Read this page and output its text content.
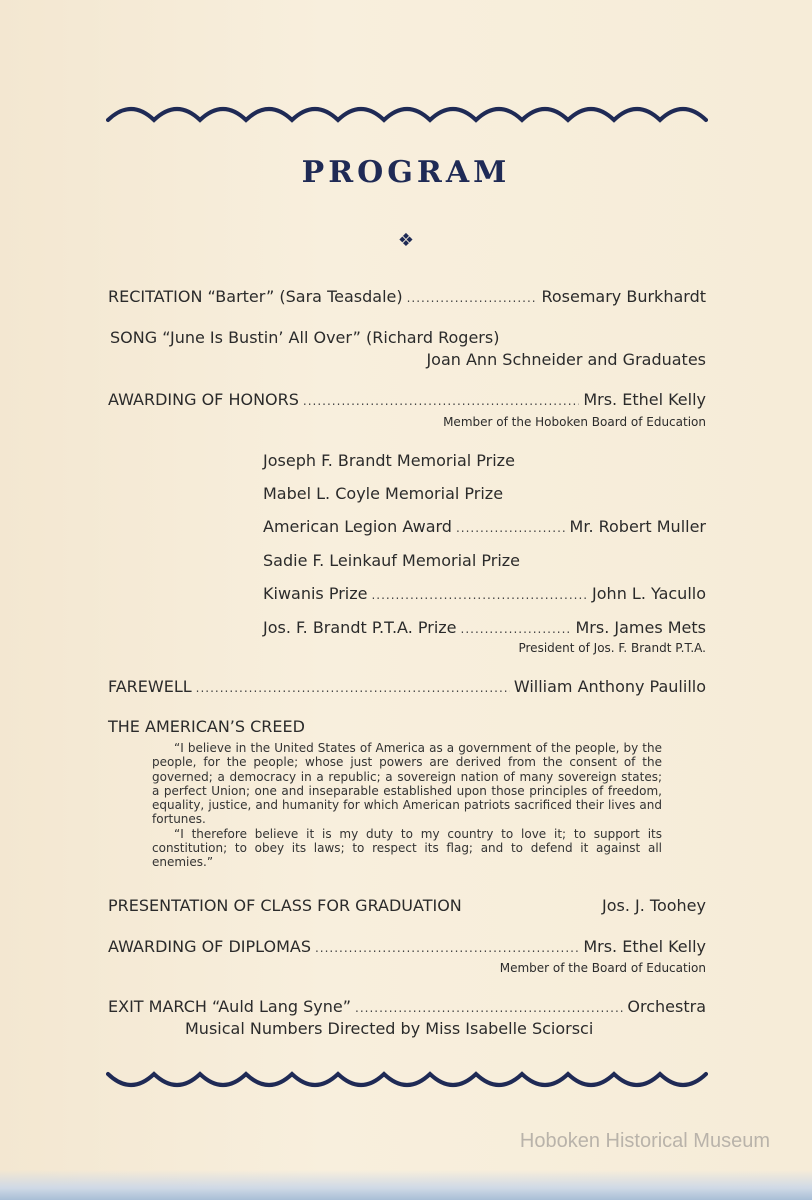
PROGRAM
❖
RECITATION “Barter” (Sara Teasdale) .....	Rosemary Burkhardt
SONG “June Is Bustin’ All Over” (Richard Rogers)
Joan Ann Schneider and Graduates
AWARDING OF HONORS .....	Mrs. Ethel Kelly
Member of the Hoboken Board of Education
Joseph F. Brandt Memorial Prize
Mabel L. Coyle Memorial Prize
American Legion Award .....	Mr. Robert Muller
Sadie F. Leinkauf Memorial Prize
Kiwanis Prize .....	John L. Yacullo
Jos. F. Brandt P.T.A. Prize .....	Mrs. James Mets
President of Jos. F. Brandt P.T.A.
FAREWELL .....	William Anthony Paulillo
THE AMERICAN’S CREED

“I believe in the United States of America as a government of the people, by the people, for the people; whose just powers are derived from the consent of the governed; a democracy in a republic; a sovereign nation of many sovereign states; a perfect Union; one and inseparable established upon those principles of freedom, equality, justice, and humanity for which American patriots sacrificed their lives and fortunes.

“I therefore believe it is my duty to my country to love it; to support its constitution; to obey its laws; to respect its flag; and to defend it against all enemies.”

PRESENTATION OF CLASS FOR GRADUATION	Jos. J. Toohey
AWARDING OF DIPLOMAS .....	Mrs. Ethel Kelly
Member of the Board of Education
EXIT MARCH “Auld Lang Syne” .....	Orchestra
Musical Numbers Directed by Miss Isabelle Sciorsci
Hoboken Historical Museum
